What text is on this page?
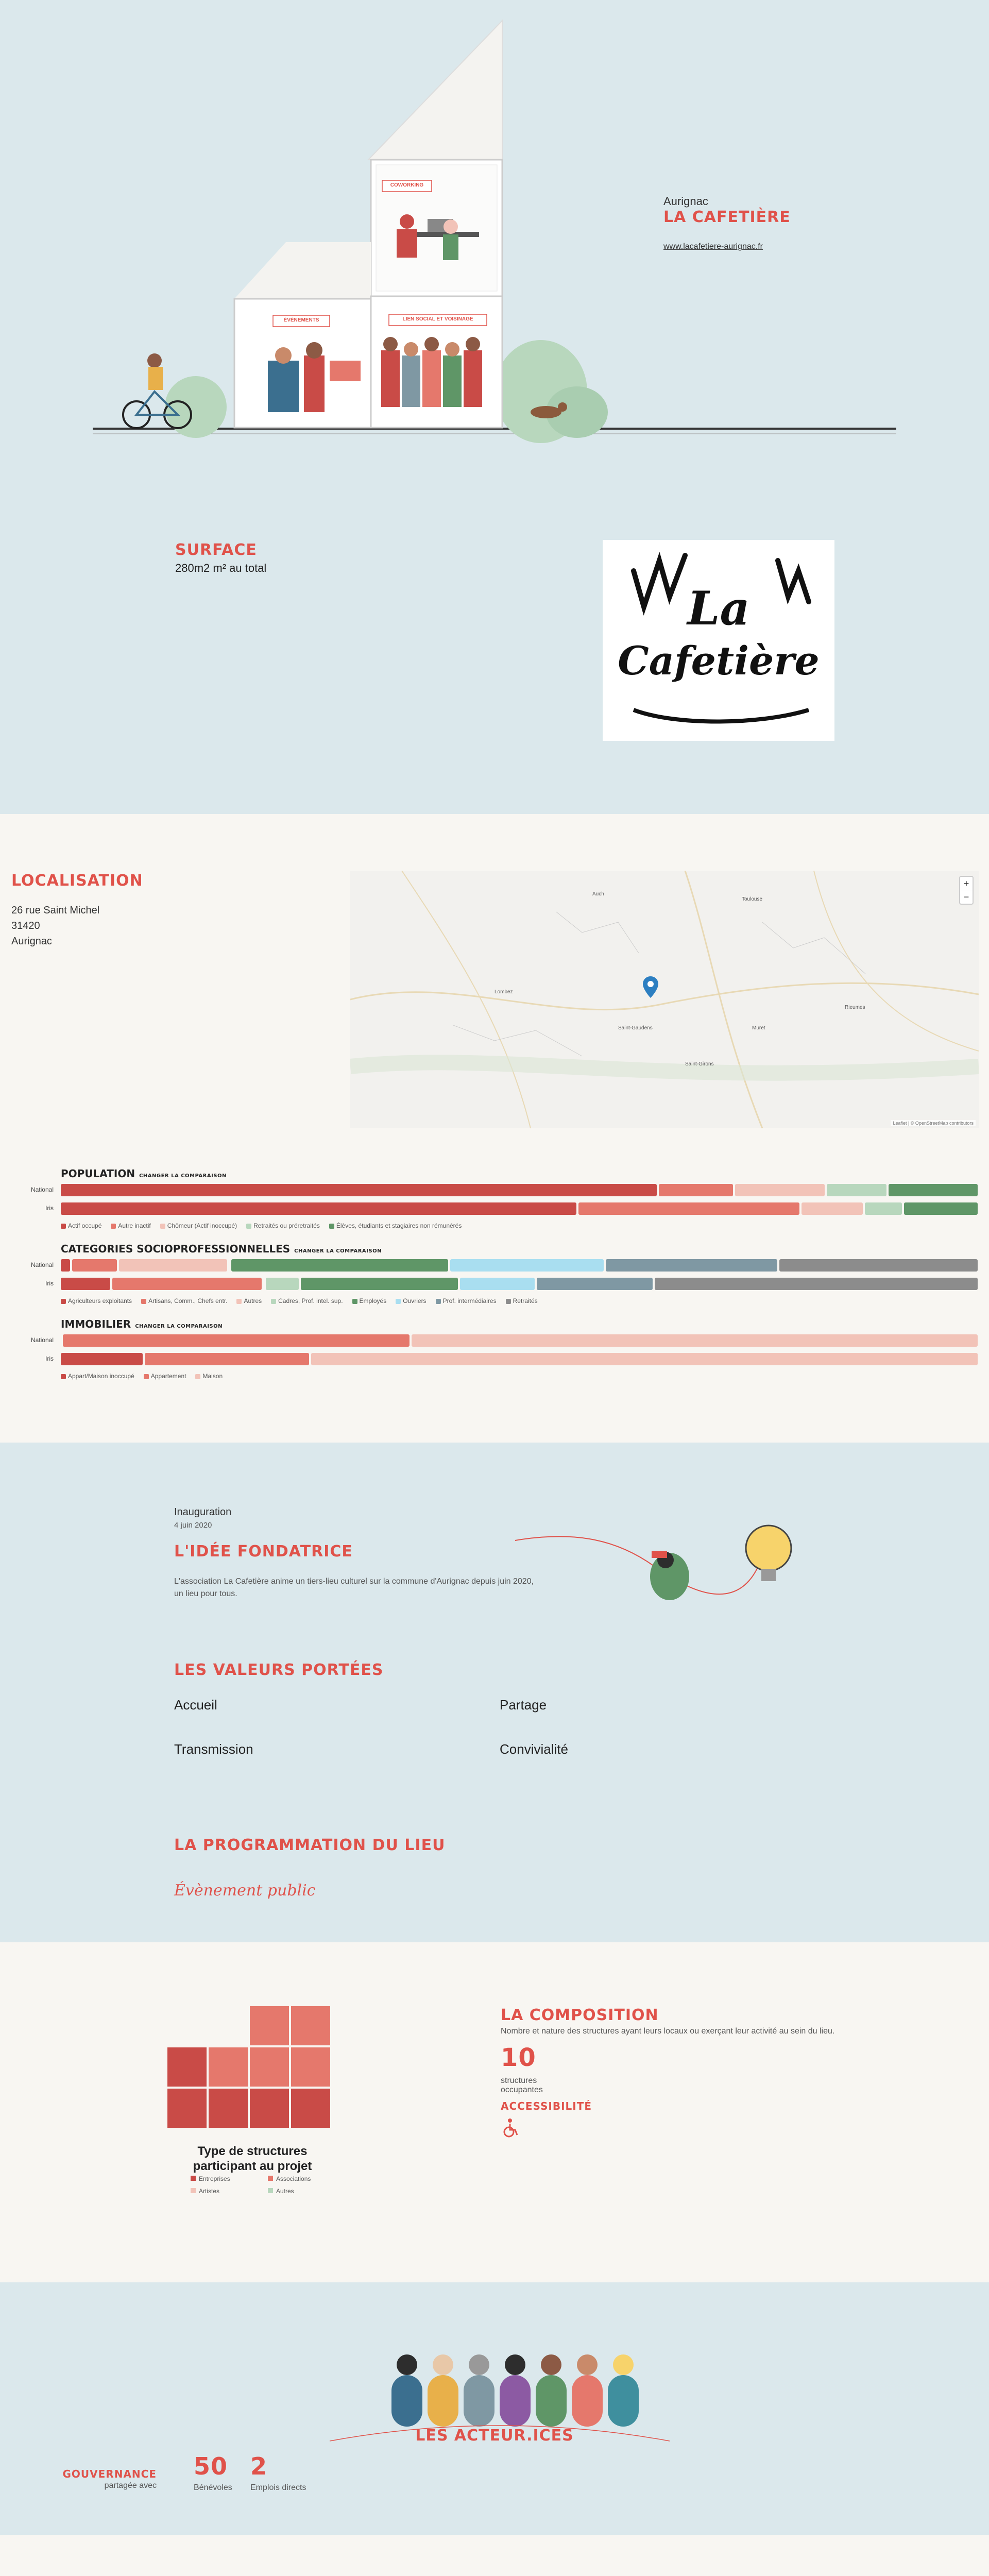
COWORKING
ÉVÉNEMENTS	LIEN SOCIAL ET VOISINAGE
Aurignac
LA CAFETIÈRE
www.lacafetiere-aurignac.fr
SURFACE
280m2 m² au total
La
Cafetière
LOCALISATION
26 rue Saint Michel
31420
Aurignac
Toulouse
Muret
Auch
Saint-Gaudens
Saint-Girons
Lombez
Rieumes
+
−
Leaflet | © OpenStreetMap contributors
POPULATION CHANGER LA COMPARAISON
National
Iris
Actif occupé	Autre inactif	Chômeur (Actif inoccupé)	Retraités ou préretraités	Élèves, étudiants et stagiaires non rémunérés
CATEGORIES SOCIOPROFESSIONNELLES CHANGER LA COMPARAISON
National
Iris
Agriculteurs exploitants	Artisans, Comm., Chefs entr.	Autres	Cadres, Prof. intel. sup.	Employés	Ouvriers	Prof. intermédiaires	Retraités
IMMOBILIER CHANGER LA COMPARAISON
National
Iris
Appart/Maison inoccupé	Appartement	Maison
Inauguration
4 juin 2020
L'IDÉE FONDATRICE
L'association La Cafetière anime un tiers-lieu culturel sur la commune d'Aurignac depuis juin 2020, un lieu pour tous.
LES VALEURS PORTÉES
Accueil	Partage
Transmission	Convivialité
LA PROGRAMMATION DU LIEU
Évènement public
Type de structures participant au projet
Entreprises	Associations
Artistes	Autres
LA COMPOSITION
Nombre et nature des structures ayant leurs locaux ou exerçant leur activité au sein du lieu.
10
structures
occupantes
ACCESSIBILITÉ
LES ACTEUR.ICES
GOUVERNANCE
partagée avec
50
Bénévoles
2
Emplois directs
